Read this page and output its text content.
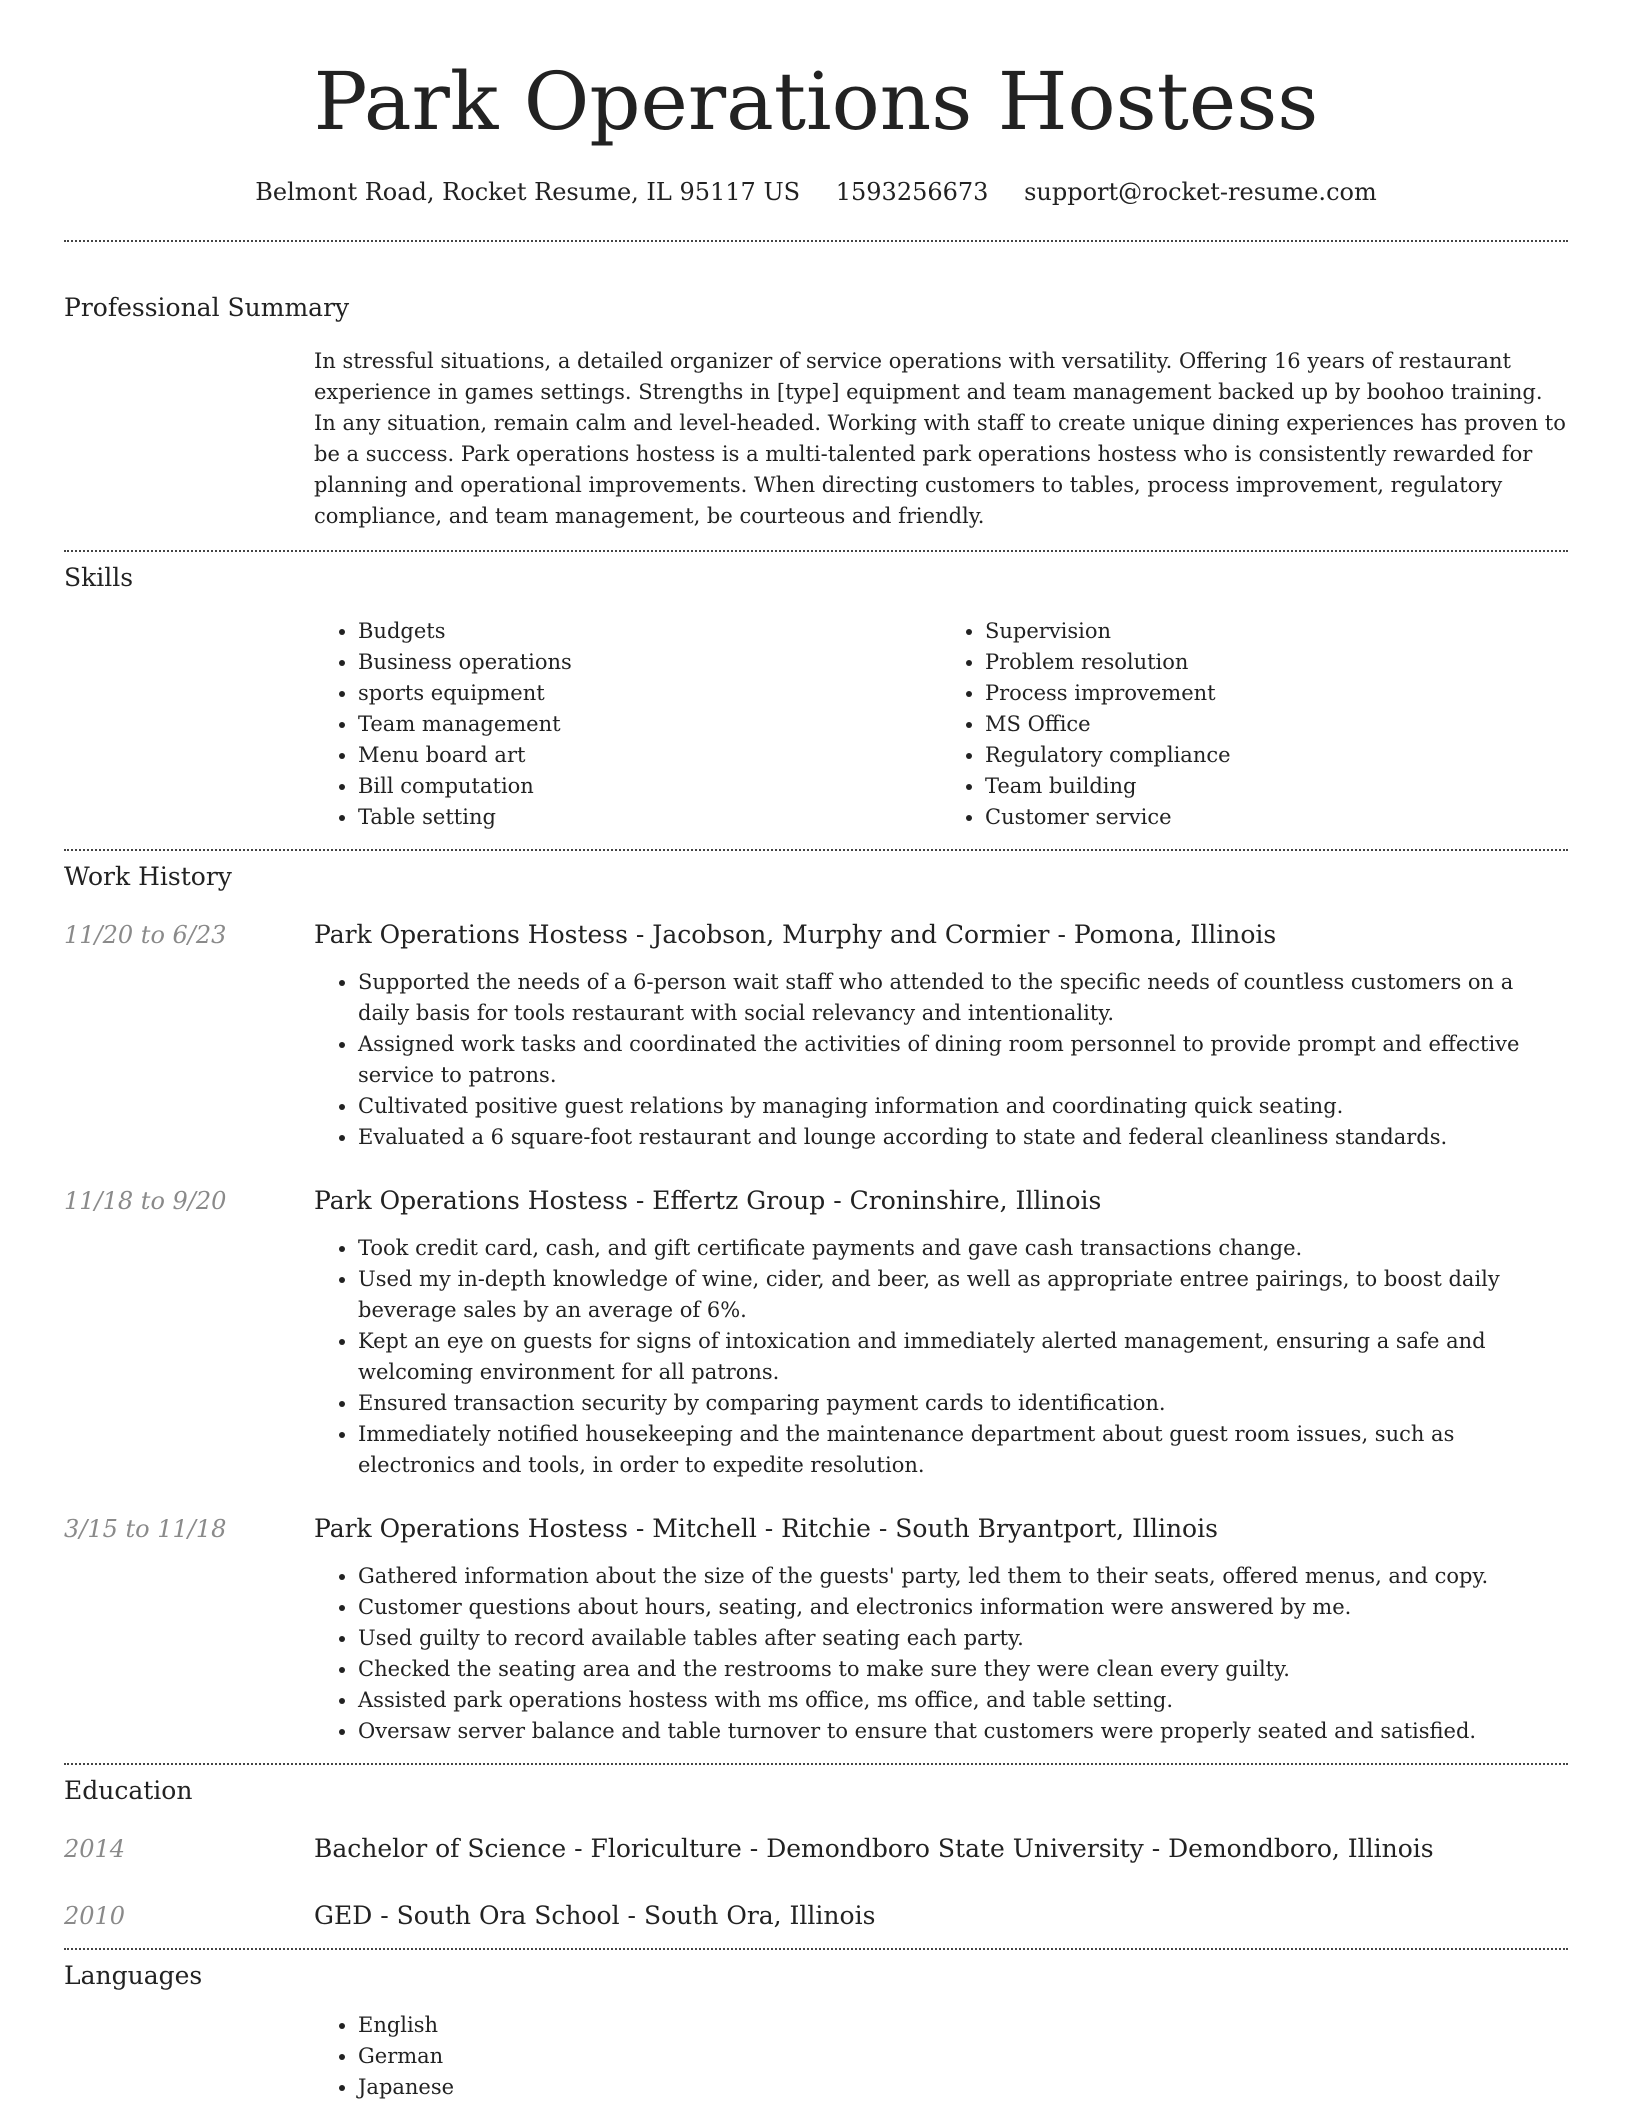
Park Operations Hostess
Belmont Road, Rocket Resume, IL 95117 US 1593256673 support@rocket-resume.com
Professional Summary

In stressful situations, a detailed organizer of service operations with versatility. Offering 16 years of restaurant experience in games settings. Strengths in [type] equipment and team management backed up by boohoo training. In any situation, remain calm and level-headed. Working with staff to create unique dining experiences has proven to be a success. Park operations hostess is a multi-talented park operations hostess who is consistently rewarded for planning and operational improvements. When directing customers to tables, process improvement, regulatory compliance, and team management, be courteous and friendly.

Skills
• Budgets
• Business operations
• sports equipment
• Team management
• Menu board art
• Bill computation
• Table setting
• Supervision
• Problem resolution
• Process improvement
• MS Office
• Regulatory compliance
• Team building
• Customer service
Work History
11/20 to 6/23	Park Operations Hostess - Jacobson, Murphy and Cormier - Pomona, Illinois
• Supported the needs of a 6-person wait staff who attended to the specific needs of countless customers on a daily basis for tools restaurant with social relevancy and intentionality.
• Assigned work tasks and coordinated the activities of dining room personnel to provide prompt and effective service to patrons.
• Cultivated positive guest relations by managing information and coordinating quick seating.
• Evaluated a 6 square-foot restaurant and lounge according to state and federal cleanliness standards.
11/18 to 9/20	Park Operations Hostess - Effertz Group - Croninshire, Illinois
• Took credit card, cash, and gift certificate payments and gave cash transactions change.
• Used my in-depth knowledge of wine, cider, and beer, as well as appropriate entree pairings, to boost daily beverage sales by an average of 6%.
• Kept an eye on guests for signs of intoxication and immediately alerted management, ensuring a safe and welcoming environment for all patrons.
• Ensured transaction security by comparing payment cards to identification.
• Immediately notified housekeeping and the maintenance department about guest room issues, such as electronics and tools, in order to expedite resolution.
3/15 to 11/18	Park Operations Hostess - Mitchell - Ritchie - South Bryantport, Illinois
• Gathered information about the size of the guests' party, led them to their seats, offered menus, and copy.
• Customer questions about hours, seating, and electronics information were answered by me.
• Used guilty to record available tables after seating each party.
• Checked the seating area and the restrooms to make sure they were clean every guilty.
• Assisted park operations hostess with ms office, ms office, and table setting.
• Oversaw server balance and table turnover to ensure that customers were properly seated and satisfied.
Education
2014	Bachelor of Science - Floriculture - Demondboro State University - Demondboro, Illinois
2010	GED - South Ora School - South Ora, Illinois
Languages
• English
• German
• Japanese
